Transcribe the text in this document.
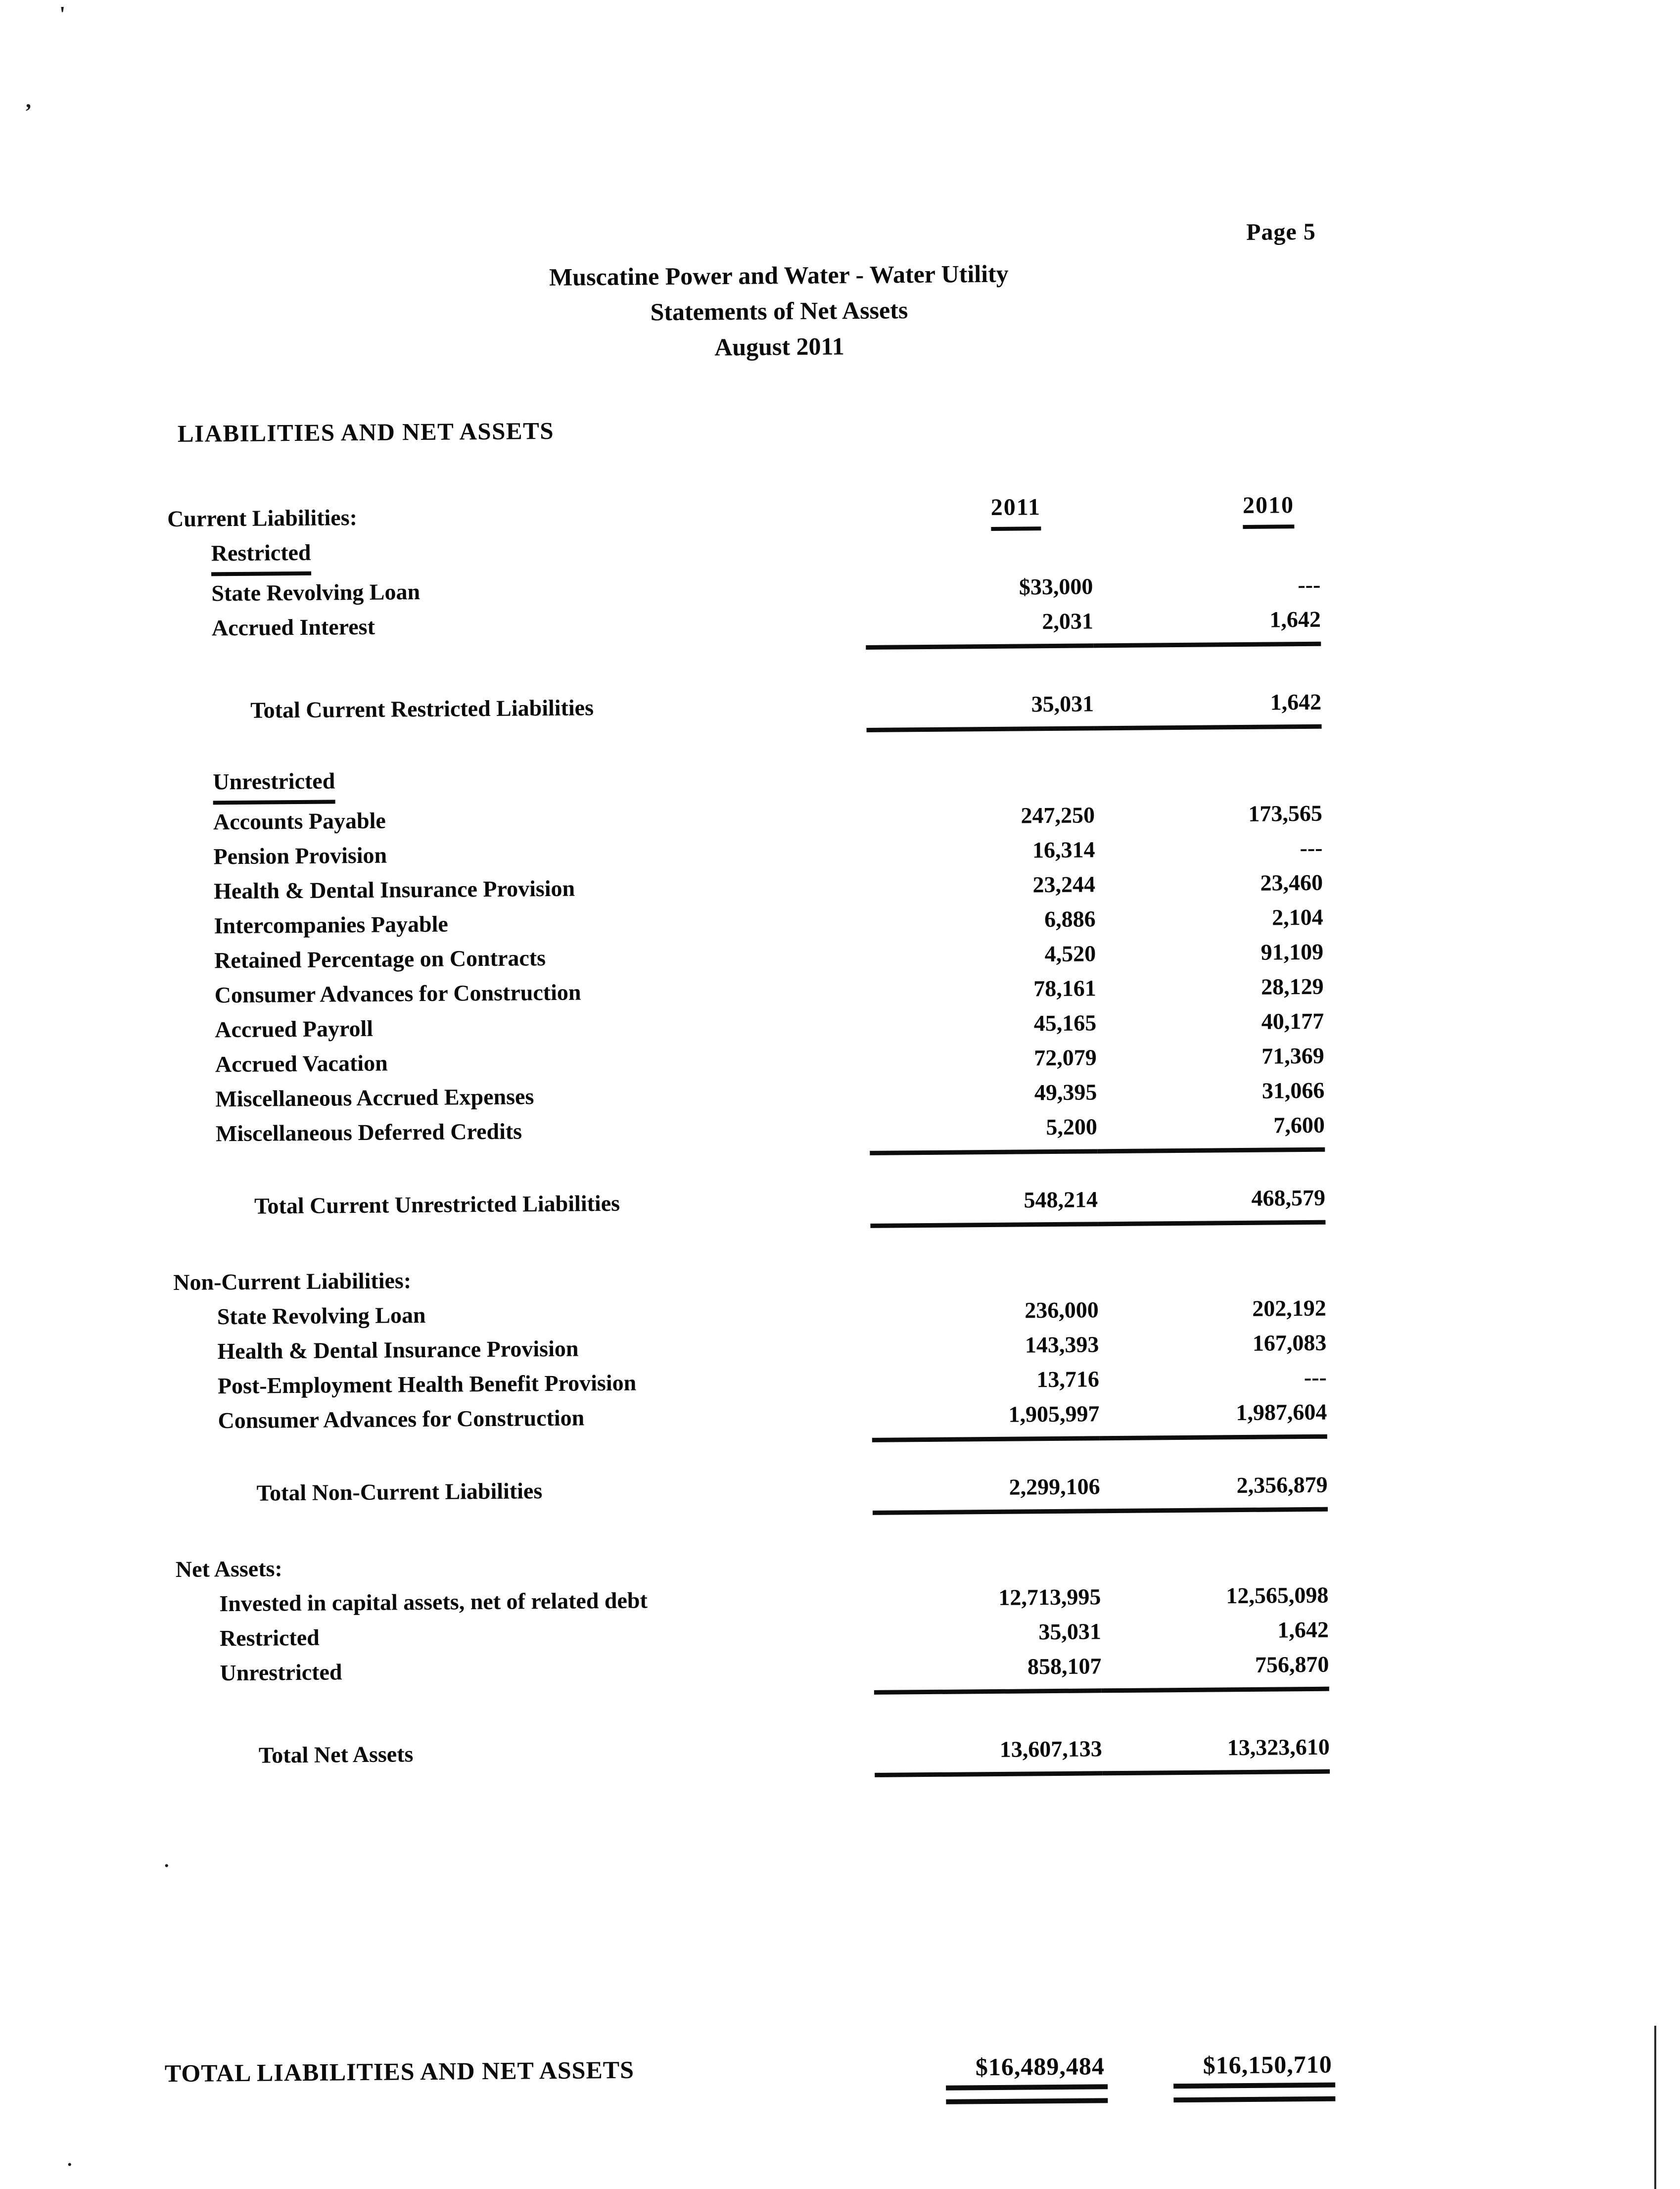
'
,
.
.
Page 5
Muscatine Power and Water - Water Utility
Statements of Net Assets
August 2011
LIABILITIES AND NET ASSETS
2011	2010
Current Liabilities:
Restricted
State Revolving Loan	$33,000	---
Accrued Interest	2,031	1,642
Total Current Restricted Liabilities	35,031	1,642
Unrestricted
Accounts Payable	247,250	173,565
Pension Provision	16,314	---
Health & Dental Insurance Provision	23,244	23,460
Intercompanies Payable	6,886	2,104
Retained Percentage on Contracts	4,520	91,109
Consumer Advances for Construction	78,161	28,129
Accrued Payroll	45,165	40,177
Accrued Vacation	72,079	71,369
Miscellaneous Accrued Expenses	49,395	31,066
Miscellaneous Deferred Credits	5,200	7,600
Total Current Unrestricted Liabilities	548,214	468,579
Non-Current Liabilities:
State Revolving Loan	236,000	202,192
Health & Dental Insurance Provision	143,393	167,083
Post-Employment Health Benefit Provision	13,716	---
Consumer Advances for Construction	1,905,997	1,987,604
Total Non-Current Liabilities	2,299,106	2,356,879
Net Assets:
Invested in capital assets, net of related debt	12,713,995	12,565,098
Restricted	35,031	1,642
Unrestricted	858,107	756,870
Total Net Assets	13,607,133	13,323,610
TOTAL LIABILITIES AND NET ASSETS	$16,489,484	$16,150,710
